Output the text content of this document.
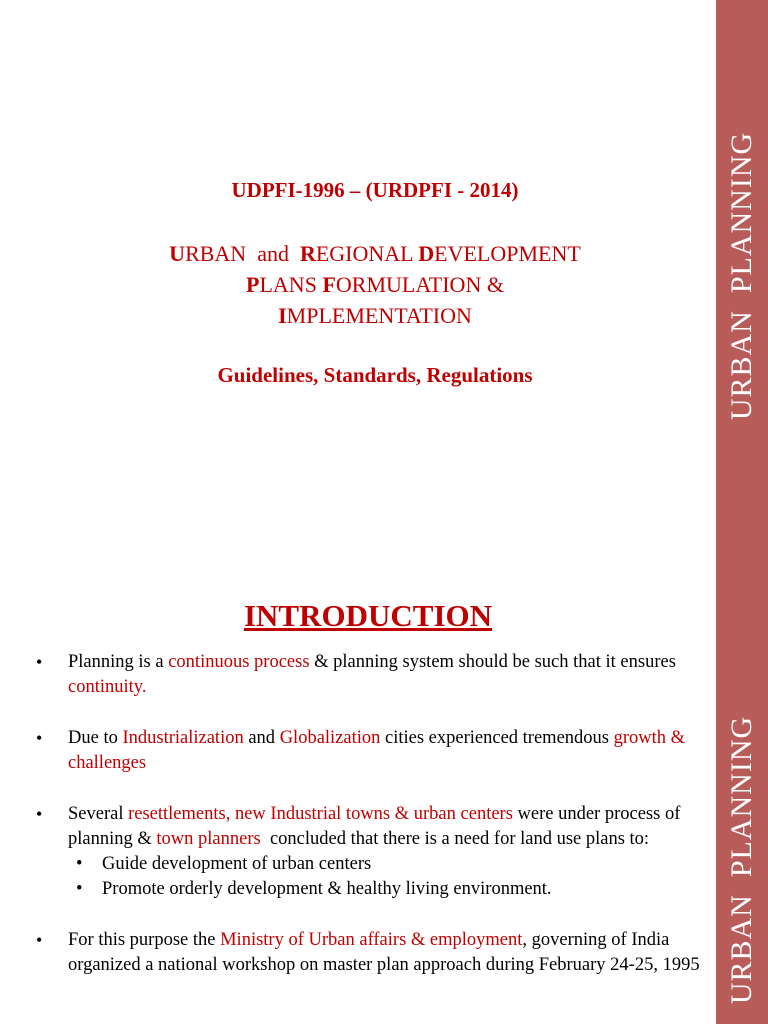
UDPFI-1996 – (URDPFI - 2014)
URBAN  and  REGIONAL DEVELOPMENT
PLANS FORMULATION &
IMPLEMENTATION
Guidelines, Standards, Regulations	URBAN  PLANNING
URBAN  PLANNING
INTRODUCTION

• Planning is a continuous process & planning system should be such that it ensures continuity.

• Due to Industrialization and Globalization cities experienced tremendous growth & challenges

• Several resettlements, new Industrial towns & urban centers were under process of planning & town planners  concluded that there is a need for land use plans to:

• Guide development of urban centers

• Promote orderly development & healthy living environment.

• For this purpose the Ministry of Urban affairs & employment, governing of India organized a national workshop on master plan approach during February 24-25, 1995
